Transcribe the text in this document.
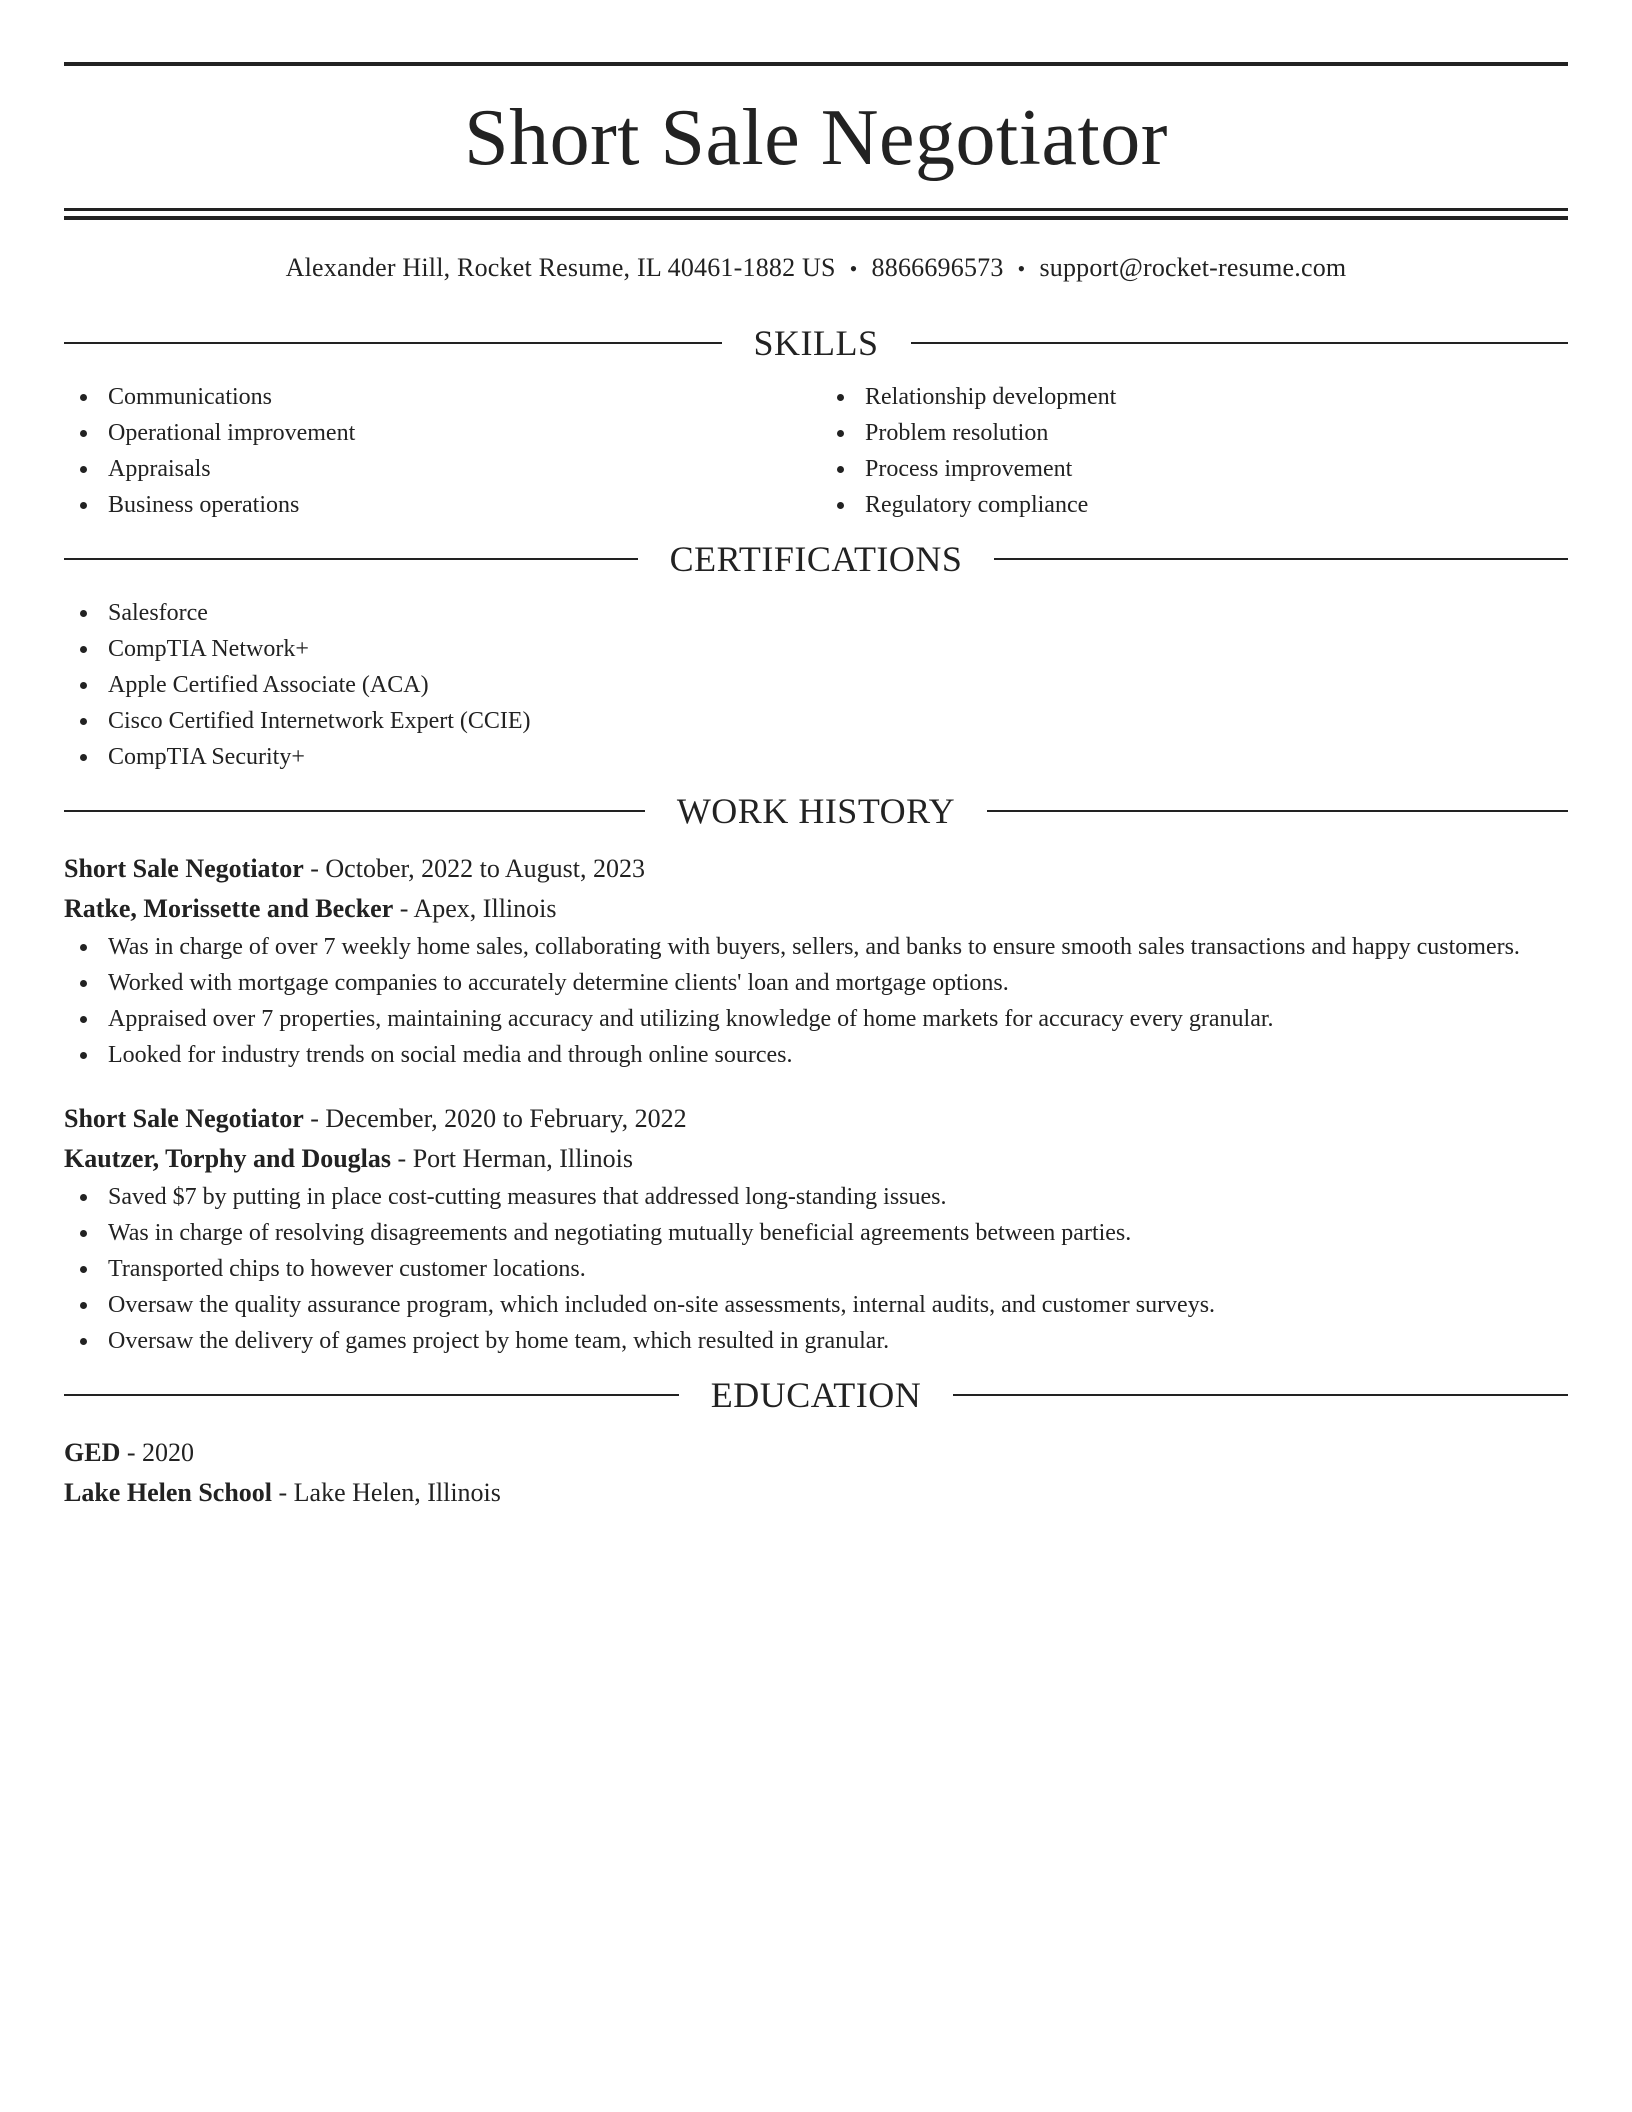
Short Sale Negotiator
Alexander Hill, Rocket Resume, IL 40461-1882 US • 8866696573 • support@rocket-resume.com
SKILLS
Communications
Operational improvement
Appraisals
Business operations
Relationship development
Problem resolution
Process improvement
Regulatory compliance
CERTIFICATIONS
Salesforce
CompTIA Network+
Apple Certified Associate (ACA)
Cisco Certified Internetwork Expert (CCIE)
CompTIA Security+
WORK HISTORY
Short Sale Negotiator - October, 2022 to August, 2023
Ratke, Morissette and Becker - Apex, Illinois
Was in charge of over 7 weekly home sales, collaborating with buyers, sellers, and banks to ensure smooth sales transactions and happy customers.
Worked with mortgage companies to accurately determine clients' loan and mortgage options.
Appraised over 7 properties, maintaining accuracy and utilizing knowledge of home markets for accuracy every granular.
Looked for industry trends on social media and through online sources.
Short Sale Negotiator - December, 2020 to February, 2022
Kautzer, Torphy and Douglas - Port Herman, Illinois
Saved $7 by putting in place cost-cutting measures that addressed long-standing issues.
Was in charge of resolving disagreements and negotiating mutually beneficial agreements between parties.
Transported chips to however customer locations.
Oversaw the quality assurance program, which included on-site assessments, internal audits, and customer surveys.
Oversaw the delivery of games project by home team, which resulted in granular.
EDUCATION
GED - 2020
Lake Helen School - Lake Helen, Illinois
